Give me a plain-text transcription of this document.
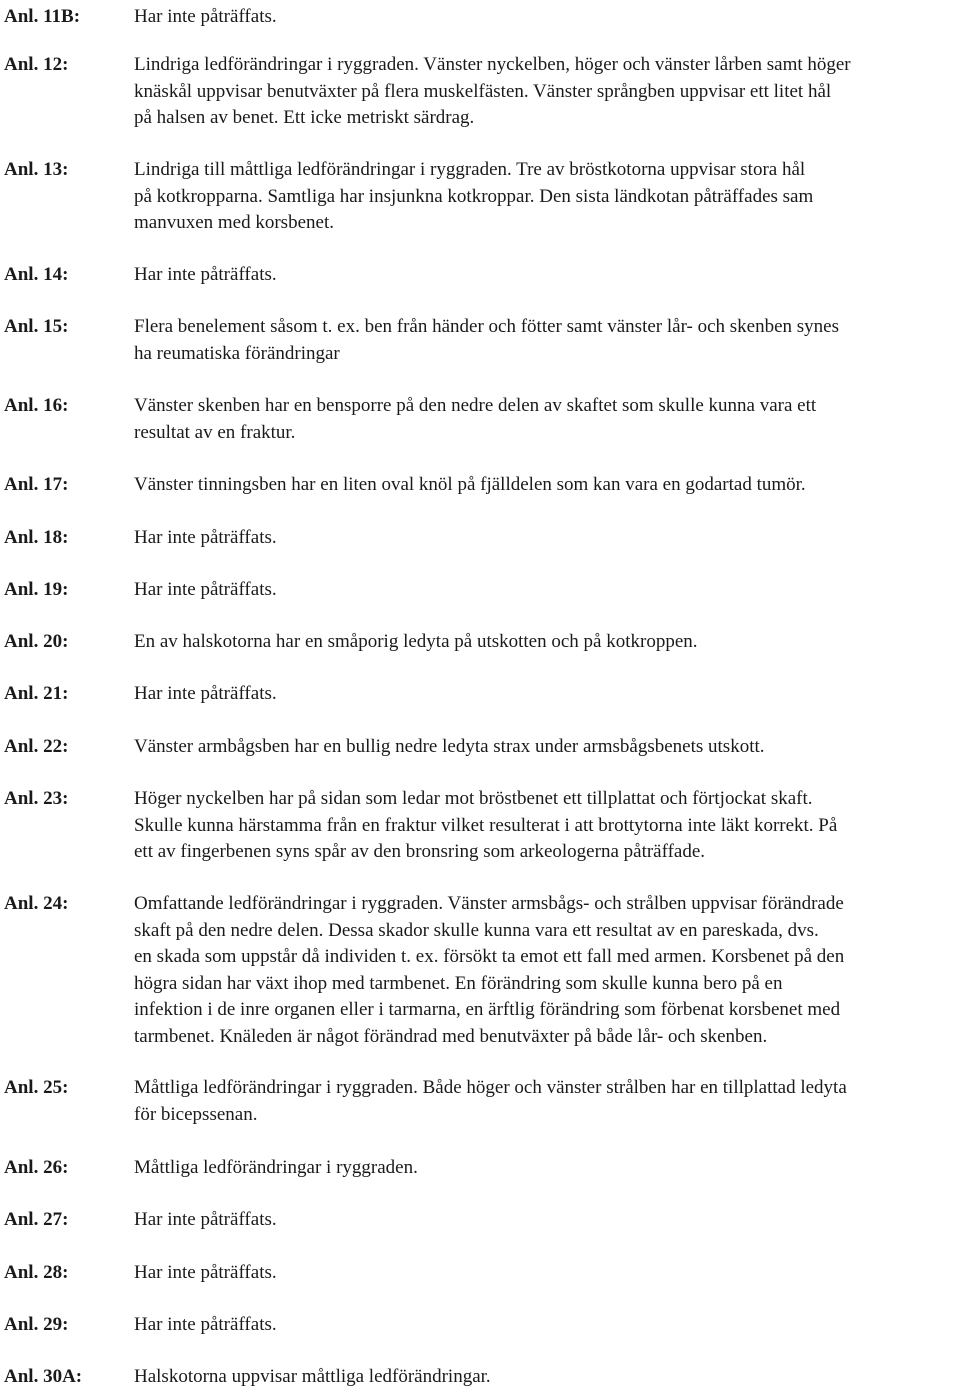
Anl. 11B:	Har inte påträffats.
Anl. 12:	Lindriga ledförändringar i ryggraden. Vänster nyckelben, höger och vänster lårben samt höger
knäskål uppvisar benutväxter på flera muskelfästen. Vänster språngben uppvisar ett litet hål
på halsen av benet. Ett icke metriskt särdrag.
Anl. 13:	Lindriga till måttliga ledförändringar i ryggraden. Tre av bröstkotorna uppvisar stora hål
på kotkropparna. Samtliga har insjunkna kotkroppar. Den sista ländkotan påträffades sam
manvuxen med korsbenet.
Anl. 14:	Har inte påträffats.
Anl. 15:	Flera benelement såsom t. ex. ben från händer och fötter samt vänster lår- och skenben synes
ha reumatiska förändringar
Anl. 16:	Vänster skenben har en bensporre på den nedre delen av skaftet som skulle kunna vara ett
resultat av en fraktur.
Anl. 17:	Vänster tinningsben har en liten oval knöl på fjälldelen som kan vara en godartad tumör.
Anl. 18:	Har inte påträffats.
Anl. 19:	Har inte påträffats.
Anl. 20:	En av halskotorna har en småporig ledyta på utskotten och på kotkroppen.
Anl. 21:	Har inte påträffats.
Anl. 22:	Vänster armbågsben har en bullig nedre ledyta strax under armsbågsbenets utskott.
Anl. 23:	Höger nyckelben har på sidan som ledar mot bröstbenet ett tillplattat och förtjockat skaft.
Skulle kunna härstamma från en fraktur vilket resulterat i att brottytorna inte läkt korrekt. På
ett av fingerbenen syns spår av den bronsring som arkeologerna påträffade.
Anl. 24:	Omfattande ledförändringar i ryggraden. Vänster armsbågs- och strålben uppvisar förändrade
skaft på den nedre delen. Dessa skador skulle kunna vara ett resultat av en pareskada, dvs.
en skada som uppstår då individen t. ex. försökt ta emot ett fall med armen. Korsbenet på den
högra sidan har växt ihop med tarmbenet. En förändring som skulle kunna bero på en
infektion i de inre organen eller i tarmarna, en ärftlig förändring som förbenat korsbenet med
tarmbenet. Knäleden är något förändrad med benutväxter på både lår- och skenben.
Anl. 25:	Måttliga ledförändringar i ryggraden. Både höger och vänster strålben har en tillplattad ledyta
för bicepssenan.
Anl. 26:	Måttliga ledförändringar i ryggraden.
Anl. 27:	Har inte påträffats.
Anl. 28:	Har inte påträffats.
Anl. 29:	Har inte påträffats.
Anl. 30A:	Halskotorna uppvisar måttliga ledförändringar.
